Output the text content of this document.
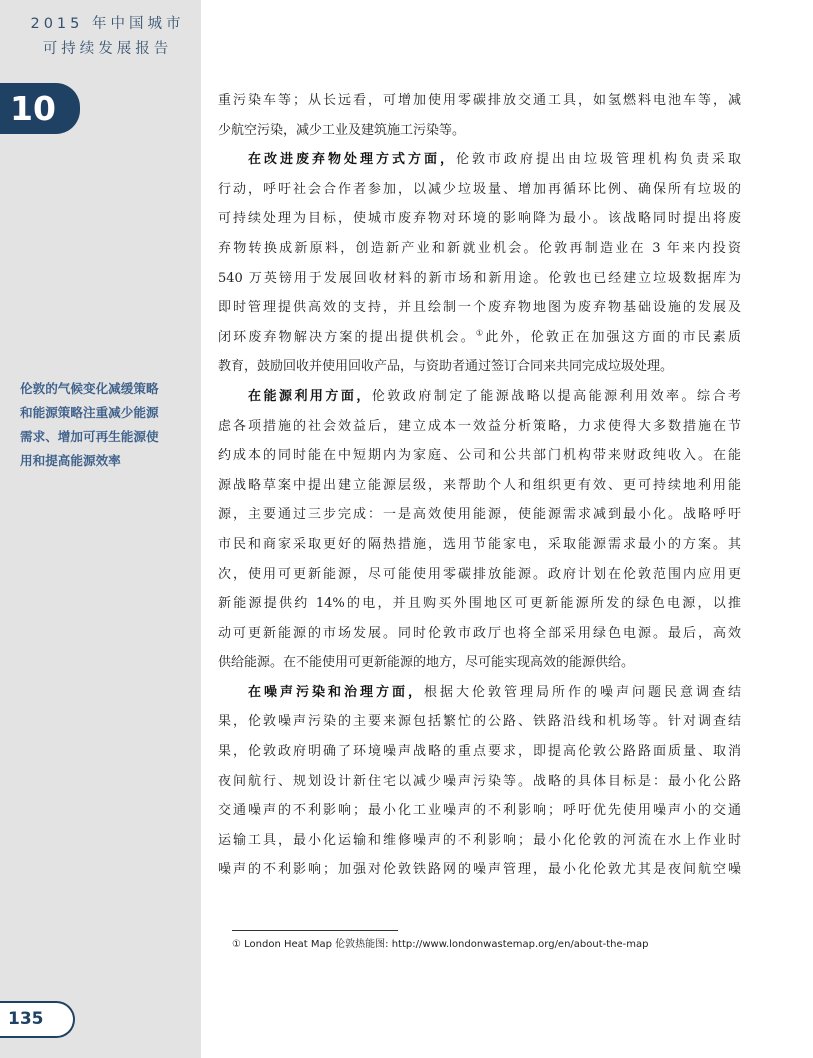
2015 年中国城市
可持续发展报告
10
伦敦的气候变化减缓策略
和能源策略注重减少能源
需求、增加可再生能源使
用和提高能源效率
135
重污染车等；从长远看，可增加使用零碳排放交通工具，如氢燃料电池车等，减
少航空污染，减少工业及建筑施工污染等。
在改进废弃物处理方式方面，伦敦市政府提出由垃圾管理机构负责采取
行动，呼吁社会合作者参加，以减少垃圾量、增加再循环比例、确保所有垃圾的
可持续处理为目标，使城市废弃物对环境的影响降为最小。该战略同时提出将废
弃物转换成新原料，创造新产业和新就业机会。伦敦再制造业在 3 年来内投资
540 万英镑用于发展回收材料的新市场和新用途。伦敦也已经建立垃圾数据库为
即时管理提供高效的支持，并且绘制一个废弃物地图为废弃物基础设施的发展及
闭环废弃物解决方案的提出提供机会。①此外，伦敦正在加强这方面的市民素质
教育，鼓励回收并使用回收产品，与资助者通过签订合同来共同完成垃圾处理。
在能源利用方面，伦敦政府制定了能源战略以提高能源利用效率。综合考
虑各项措施的社会效益后，建立成本一效益分析策略，力求使得大多数措施在节
约成本的同时能在中短期内为家庭、公司和公共部门机构带来财政纯收入。在能
源战略草案中提出建立能源层级，来帮助个人和组织更有效、更可持续地利用能
源，主要通过三步完成：一是高效使用能源，使能源需求减到最小化。战略呼吁
市民和商家采取更好的隔热措施，选用节能家电，采取能源需求最小的方案。其
次，使用可更新能源，尽可能使用零碳排放能源。政府计划在伦敦范围内应用更
新能源提供约 14%的电，并且购买外围地区可更新能源所发的绿色电源，以推
动可更新能源的市场发展。同时伦敦市政厅也将全部采用绿色电源。最后，高效
供给能源。在不能使用可更新能源的地方，尽可能实现高效的能源供给。
在噪声污染和治理方面，根据大伦敦管理局所作的噪声问题民意调查结
果，伦敦噪声污染的主要来源包括繁忙的公路、铁路沿线和机场等。针对调查结
果，伦敦政府明确了环境噪声战略的重点要求，即提高伦敦公路路面质量、取消
夜间航行、规划设计新住宅以减少噪声污染等。战略的具体目标是：最小化公路
交通噪声的不利影响；最小化工业噪声的不利影响；呼吁优先使用噪声小的交通
运输工具，最小化运输和维修噪声的不利影响；最小化伦敦的河流在水上作业时
噪声的不利影响；加强对伦敦铁路网的噪声管理，最小化伦敦尤其是夜间航空噪
① London Heat Map 伦敦热能图: http://www.londonwastemap.org/en/about-the-map
